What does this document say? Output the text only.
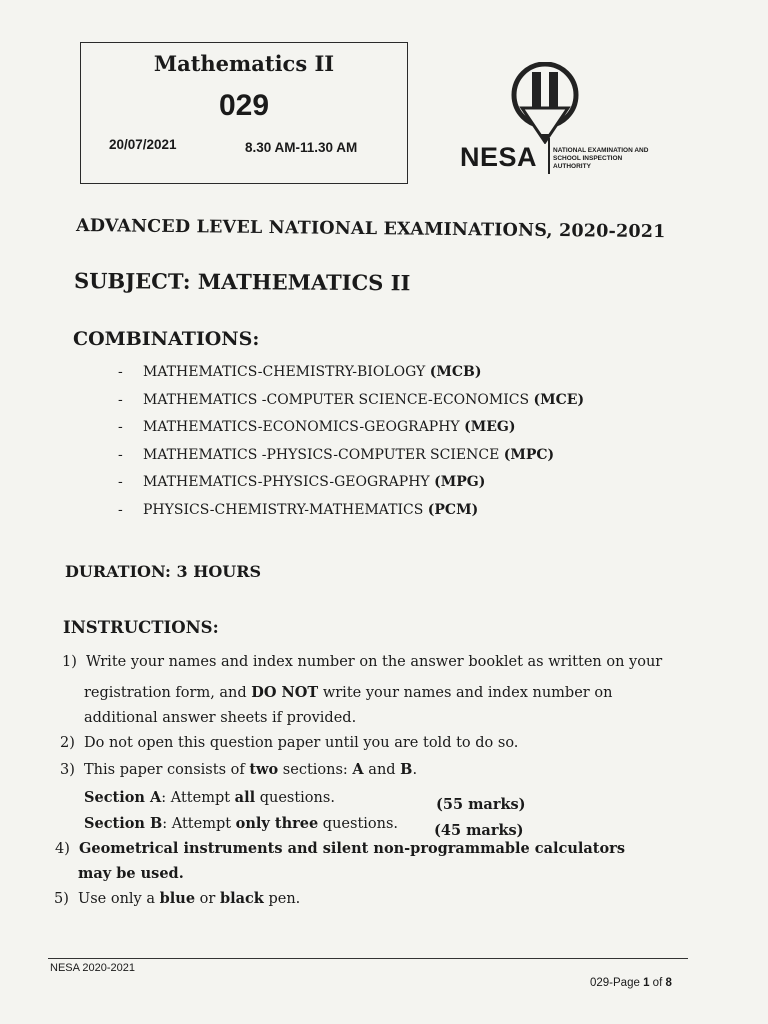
Mathematics II
029
20/07/2021	8.30 AM-11.30 AM	NESA NATIONAL EXAMINATION AND
SCHOOL INSPECTION
AUTHORITY
ADVANCED LEVEL NATIONAL EXAMINATIONS, 2020-2021
SUBJECT: MATHEMATICS II
COMBINATIONS:
- MATHEMATICS-CHEMISTRY-BIOLOGY (MCB)
- MATHEMATICS -COMPUTER SCIENCE-ECONOMICS (MCE)
- MATHEMATICS-ECONOMICS-GEOGRAPHY (MEG)
- MATHEMATICS -PHYSICS-COMPUTER SCIENCE (MPC)
- MATHEMATICS-PHYSICS-GEOGRAPHY (MPG)
- PHYSICS-CHEMISTRY-MATHEMATICS (PCM)
DURATION: 3 HOURS
INSTRUCTIONS:
1) Write your names and index number on the answer booklet as written on your
registration form, and DO NOT write your names and index number on
additional answer sheets if provided.
2) Do not open this question paper until you are told to do so.
3) This paper consists of two sections: A and B.
Section A: Attempt all questions.	(55 marks)
Section B: Attempt only three questions. (45 marks)
4) Geometrical instruments and silent non-programmable calculators
may be used.
5) Use only a blue or black pen.
NESA 2020-2021
029-Page 1 of 8
